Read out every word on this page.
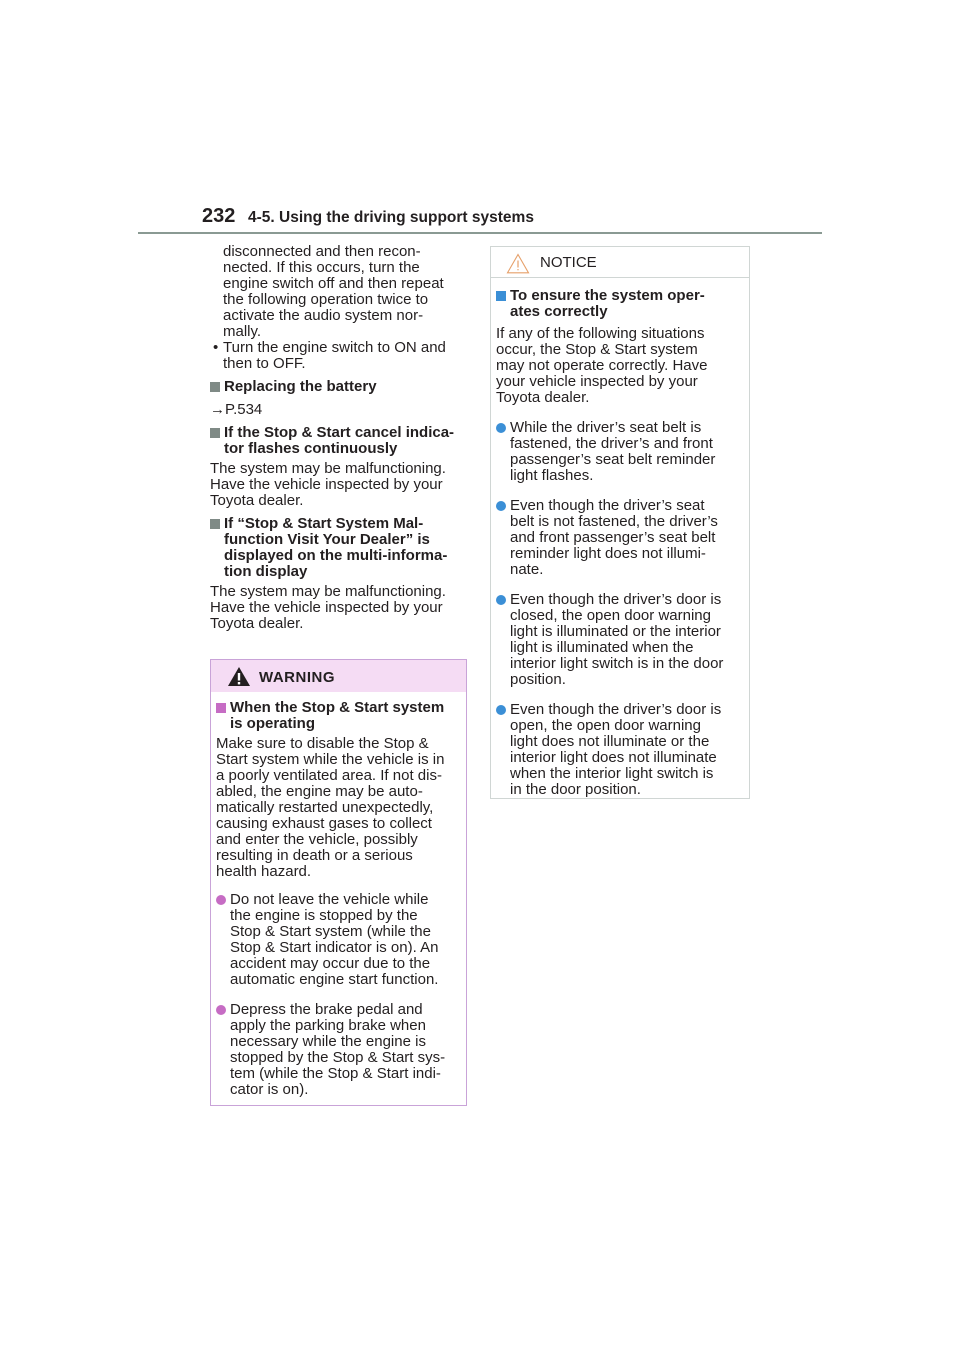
232 4-5. Using the driving support systems
disconnected and then recon-
nected. If this occurs, turn the
engine switch off and then repeat
the following operation twice to
activate the audio system nor-
mally.
• Turn the engine switch to ON and
then to OFF.
Replacing the battery
→P.534
If the Stop & Start cancel indica-
tor flashes continuously
The system may be malfunctioning.
Have the vehicle inspected by your
Toyota dealer.
If “Stop & Start System Mal-
function Visit Your Dealer” is
displayed on the multi-informa-
tion display
The system may be malfunctioning.
Have the vehicle inspected by your
Toyota dealer.
WARNING
When the Stop & Start system
is operating
Make sure to disable the Stop &
Start system while the vehicle is in
a poorly ventilated area. If not dis-
abled, the engine may be auto-
matically restarted unexpectedly,
causing exhaust gases to collect
and enter the vehicle, possibly
resulting in death or a serious
health hazard.
Do not leave the vehicle while
the engine is stopped by the
Stop & Start system (while the
Stop & Start indicator is on). An
accident may occur due to the
automatic engine start function.
Depress the brake pedal and
apply the parking brake when
necessary while the engine is
stopped by the Stop & Start sys-
tem (while the Stop & Start indi-
cator is on).
NOTICE
To ensure the system oper-
ates correctly
If any of the following situations
occur, the Stop & Start system
may not operate correctly. Have
your vehicle inspected by your
Toyota dealer.
While the driver’s seat belt is
fastened, the driver’s and front
passenger’s seat belt reminder
light flashes.
Even though the driver’s seat
belt is not fastened, the driver’s
and front passenger’s seat belt
reminder light does not illumi-
nate.
Even though the driver’s door is
closed, the open door warning
light is illuminated or the interior
light is illuminated when the
interior light switch is in the door
position.
Even though the driver’s door is
open, the open door warning
light does not illuminate or the
interior light does not illuminate
when the interior light switch is
in the door position.
